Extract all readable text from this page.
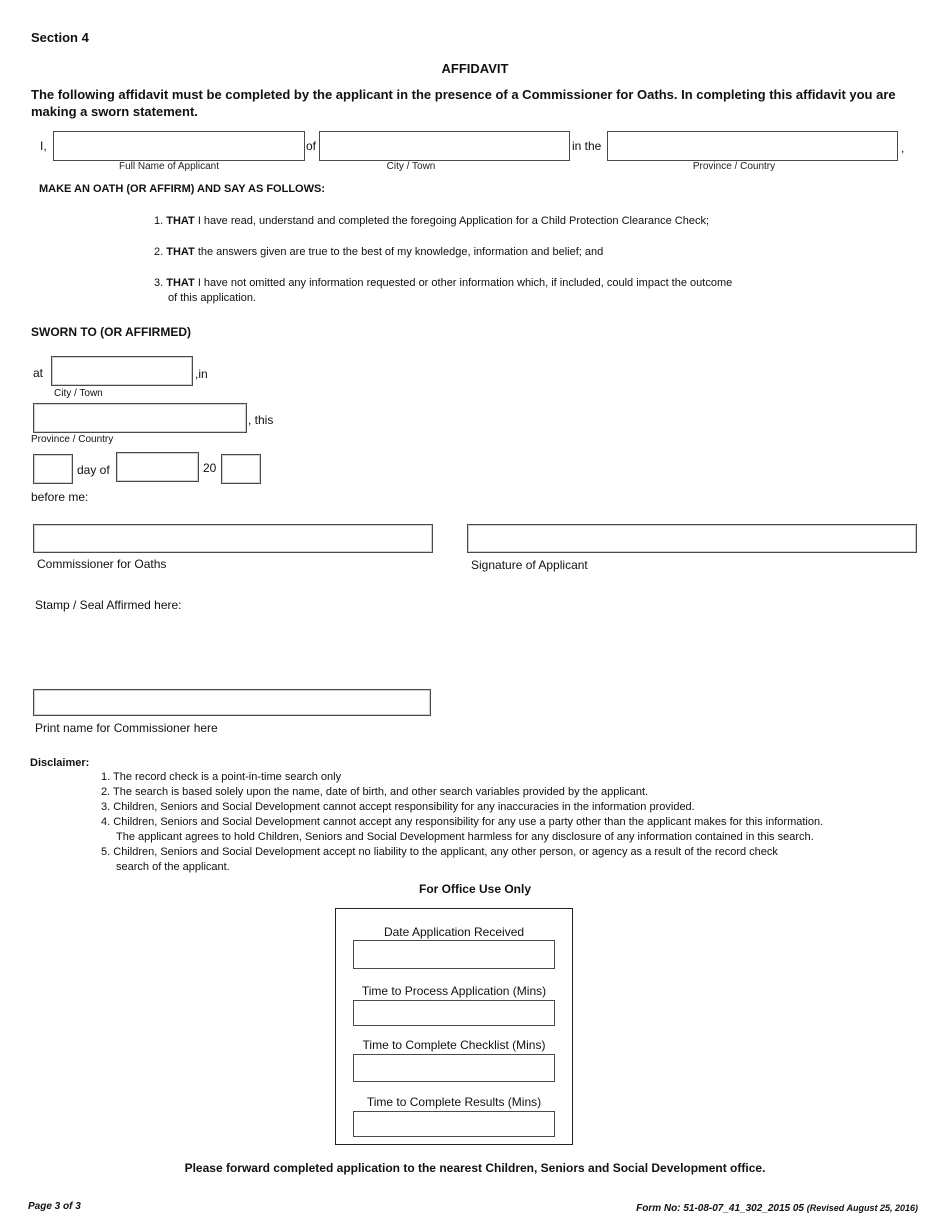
Section 4
AFFIDAVIT
The following affidavit must be completed by the applicant in the presence of a Commissioner for Oaths. In completing this affidavit you are making a sworn statement.
I,	of	in the	,
Full Name of Applicant	City / Town	Province / Country
MAKE AN OATH (OR AFFIRM) AND SAY AS FOLLOWS:
1. THAT I have read, understand and completed the foregoing Application for a Child Protection Clearance Check;
2. THAT the answers given are true to the best of my knowledge, information and belief; and
3. THAT I have not omitted any information requested or other information which, if included, could impact the outcome
of this application.
SWORN TO (OR AFFIRMED)
at	,in
City / Town
, this
Province / Country
day of	20
before me:
Commissioner for Oaths	Signature of Applicant
Stamp / Seal Affirmed here:
Print name for Commissioner here
Disclaimer:
1. The record check is a point-in-time search only
2. The search is based solely upon the name, date of birth, and other search variables provided by the applicant.
3. Children, Seniors and Social Development cannot accept responsibility for any inaccuracies in the information provided.
4. Children, Seniors and Social Development cannot accept any responsibility for any use a party other than the applicant makes for this information.
The applicant agrees to hold Children, Seniors and Social Development harmless for any disclosure of any information contained in this search.
5. Children, Seniors and Social Development accept no liability to the applicant, any other person, or agency as a result of the record check
search of the applicant.
For Office Use Only
Date Application Received
Time to Process Application (Mins)
Time to Complete Checklist (Mins)
Time to Complete Results (Mins)
Please forward completed application to the nearest Children, Seniors and Social Development office.
Page 3 of 3	Form No: 51-08-07_41_302_2015 05 (Revised August 25, 2016)
